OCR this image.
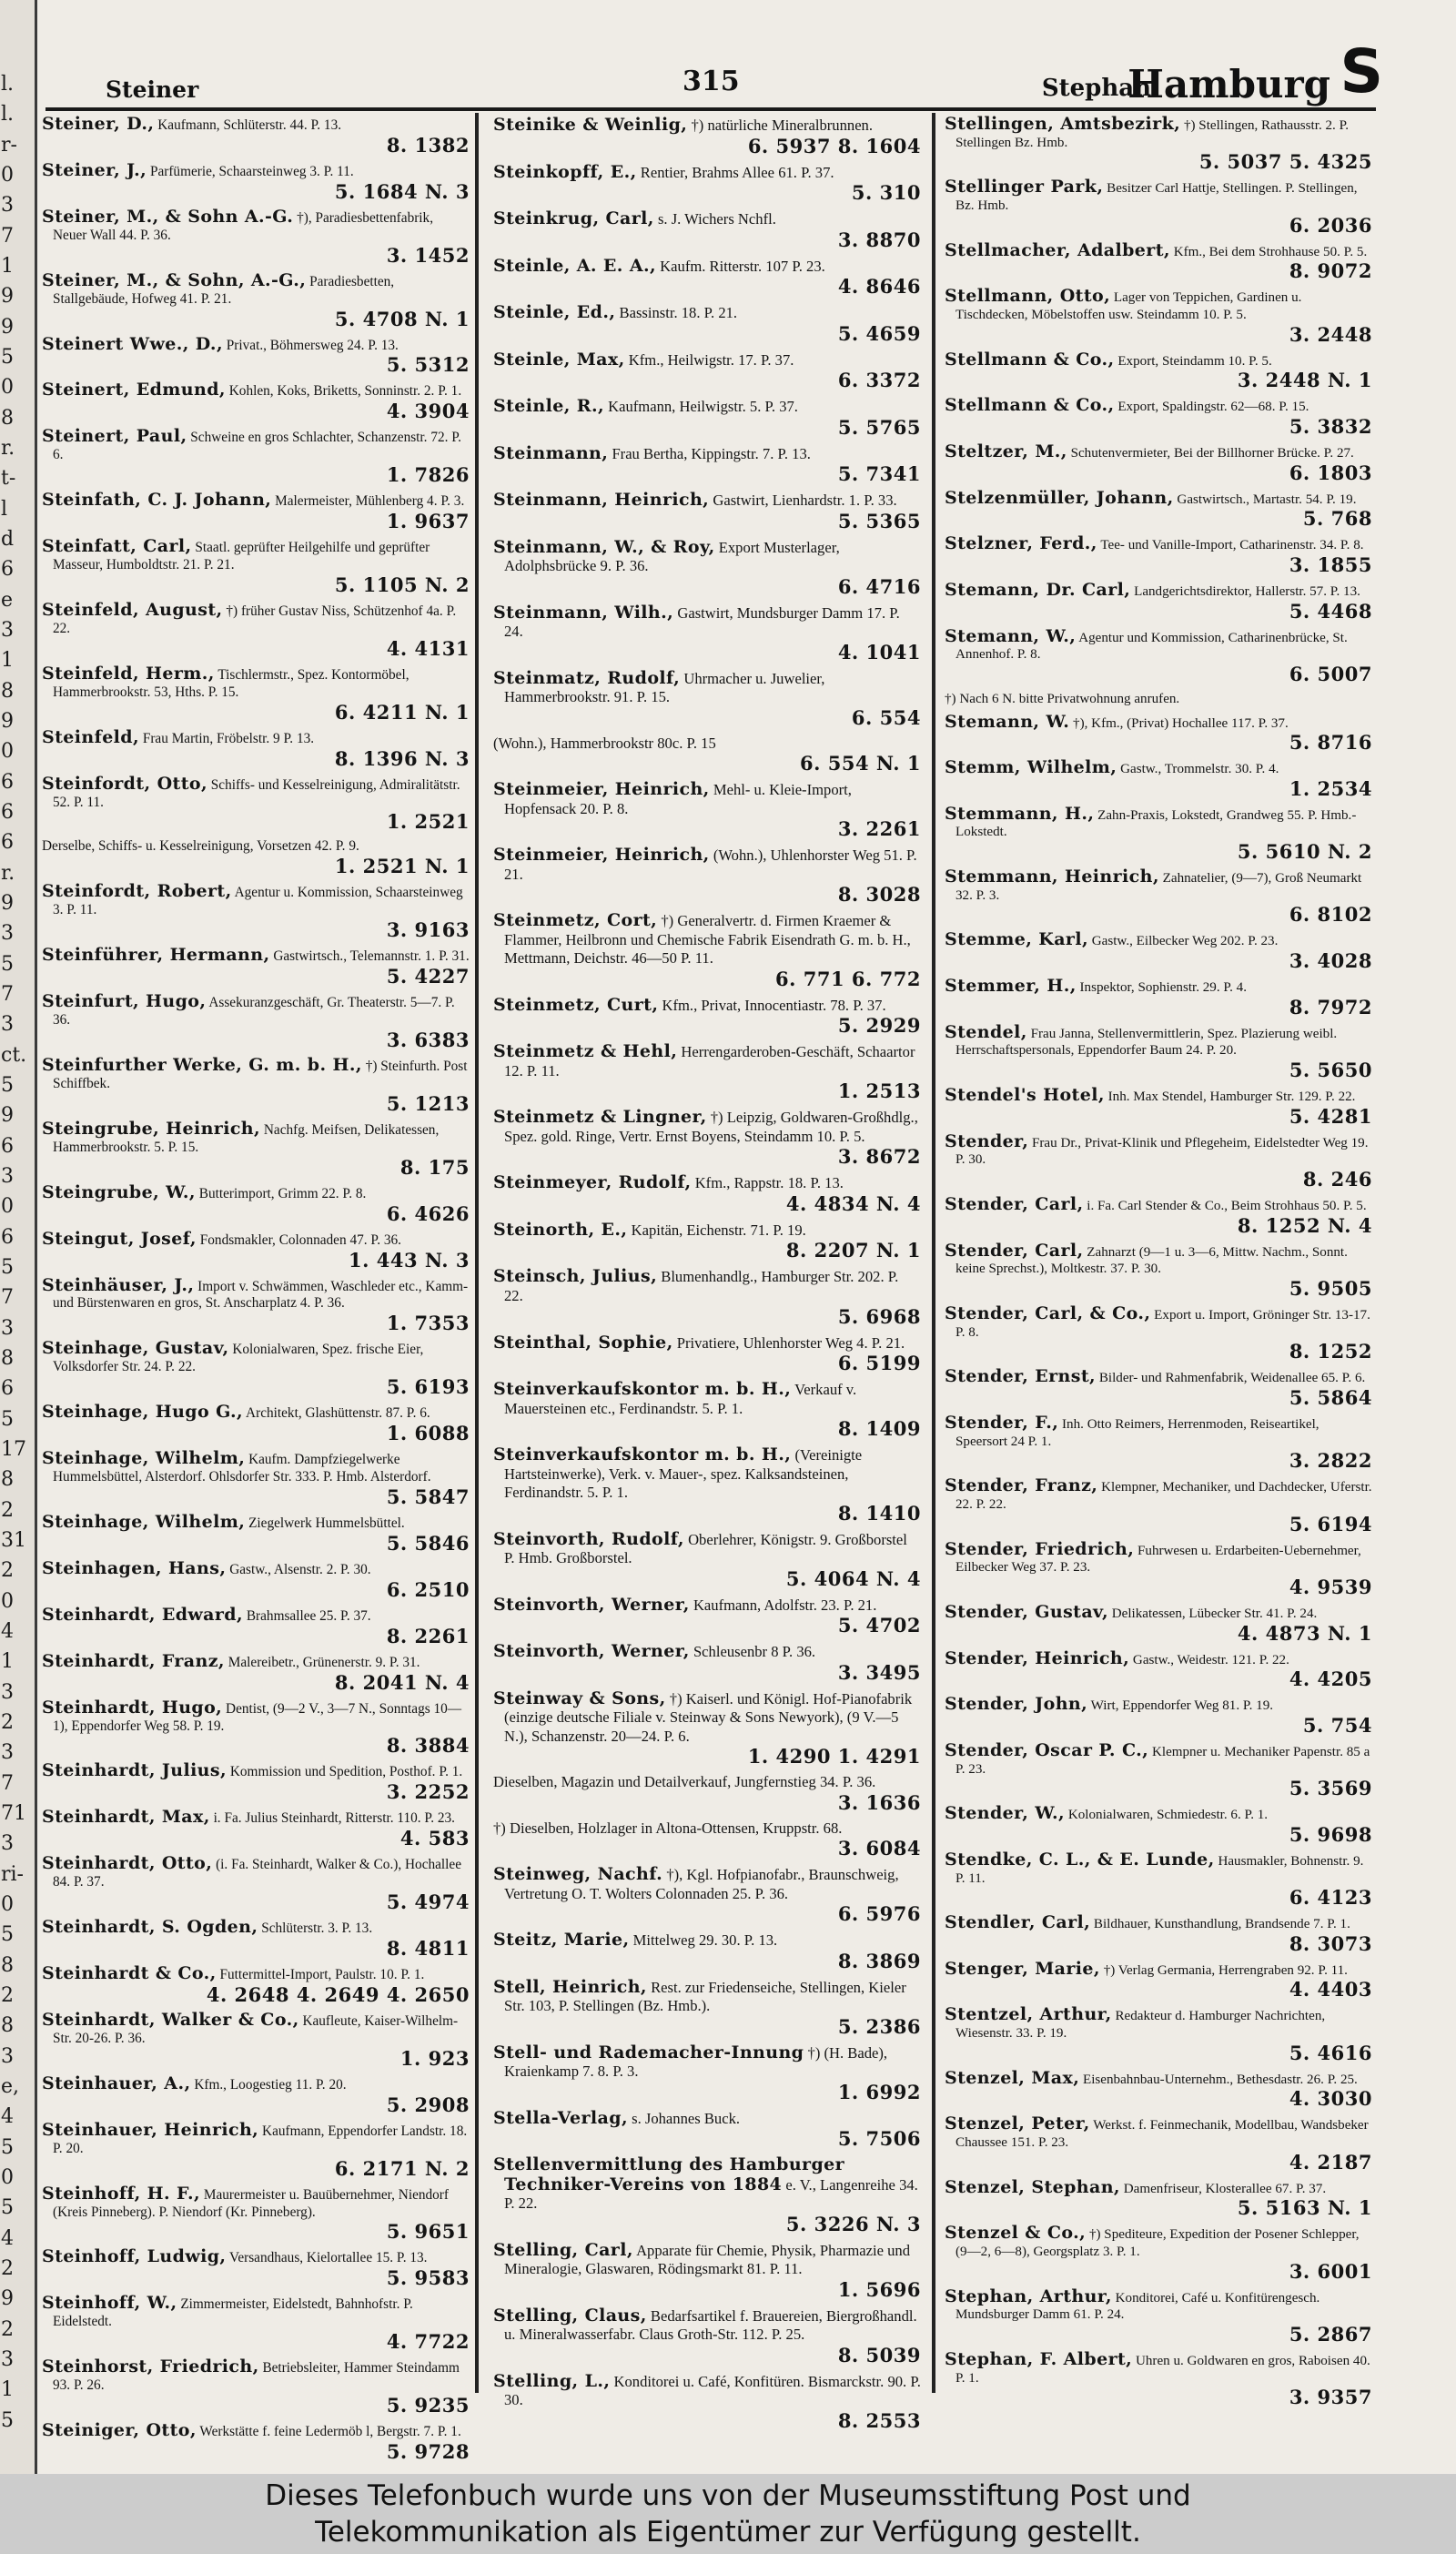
l.
l.
r-
0
3
7
1
9
9
5
0
8
r.
t-
l
d
6
e
3
1
8
9
0
6
6
6
r.
9
3
5
7
3
ct.
5
9
6
3
0
6
5
7
3
8
6
5
17
8
2
31
2
0
4
1
3
2
3
7
71
3
ri-
0
5
8
2
8
3
e,
4
5
0
5
4
2
9
2
3
1
5
Steiner	315	Stephan
Hamburg S
Steiner, D., Kaufmann, Schlüterstr. 44. P. 13.
8. 1382
Steiner, J., Parfümerie, Schaarsteinweg 3. P. 11.
5. 1684 N. 3
Steiner, M., & Sohn A.-G. †), Paradiesbettenfabrik, Neuer Wall 44. P. 36.
3. 1452
Steiner, M., & Sohn, A.-G., Paradiesbetten, Stallgebäude, Hofweg 41. P. 21.
5. 4708 N. 1
Steinert Wwe., D., Privat., Böhmersweg 24. P. 13.
5. 5312
Steinert, Edmund, Kohlen, Koks, Briketts, Sonninstr. 2. P. 1.
4. 3904
Steinert, Paul, Schweine en gros Schlachter, Schanzenstr. 72. P. 6.
1. 7826
Steinfath, C. J. Johann, Malermeister, Mühlenberg 4. P. 3.
1. 9637
Steinfatt, Carl, Staatl. geprüfter Heilgehilfe und geprüfter Masseur, Humboldtstr. 21. P. 21.
5. 1105 N. 2
Steinfeld, August, †) früher Gustav Niss, Schützenhof 4a. P. 22.
4. 4131
Steinfeld, Herm., Tischlermstr., Spez. Kontormöbel, Hammerbrookstr. 53, Hths. P. 15.
6. 4211 N. 1
Steinfeld, Frau Martin, Fröbelstr. 9 P. 13.
8. 1396 N. 3
Steinfordt, Otto, Schiffs- und Kesselreinigung, Admiralitätstr. 52. P. 11.
1. 2521
Derselbe, Schiffs- u. Kesselreinigung, Vorsetzen 42. P. 9.
1. 2521 N. 1
Steinfordt, Robert, Agentur u. Kommission, Schaarsteinweg 3. P. 11.
3. 9163
Steinführer, Hermann, Gastwirtsch., Telemannstr. 1. P. 31.
5. 4227
Steinfurt, Hugo, Assekuranzgeschäft, Gr. Theaterstr. 5—7. P. 36.
3. 6383
Steinfurther Werke, G. m. b. H., †) Steinfurth. Post Schiffbek.
5. 1213
Steingrube, Heinrich, Nachfg. Meifsen, Delikatessen, Hammerbrookstr. 5. P. 15.
8. 175
Steingrube, W., Butterimport, Grimm 22. P. 8.
6. 4626
Steingut, Josef, Fondsmakler, Colonnaden 47. P. 36.
1. 443 N. 3
Steinhäuser, J., Import v. Schwämmen, Waschleder etc., Kamm- und Bürstenwaren en gros, St. Anscharplatz 4. P. 36.
1. 7353
Steinhage, Gustav, Kolonialwaren, Spez. frische Eier, Volksdorfer Str. 24. P. 22.
5. 6193
Steinhage, Hugo G., Architekt, Glashüttenstr. 87. P. 6.
1. 6088
Steinhage, Wilhelm, Kaufm. Dampfziegelwerke Hummelsbüttel, Alsterdorf. Ohlsdorfer Str. 333. P. Hmb. Alsterdorf.
5. 5847
Steinhage, Wilhelm, Ziegelwerk Hummelsbüttel.
5. 5846
Steinhagen, Hans, Gastw., Alsenstr. 2. P. 30.
6. 2510
Steinhardt, Edward, Brahmsallee 25. P. 37.
8. 2261
Steinhardt, Franz, Malereibetr., Grünenerstr. 9. P. 31.
8. 2041 N. 4
Steinhardt, Hugo, Dentist, (9—2 V., 3—7 N., Sonntags 10—1), Eppendorfer Weg 58. P. 19.
8. 3884
Steinhardt, Julius, Kommission und Spedition, Posthof. P. 1.
3. 2252
Steinhardt, Max, i. Fa. Julius Steinhardt, Ritterstr. 110. P. 23.
4. 583
Steinhardt, Otto, (i. Fa. Steinhardt, Walker & Co.), Hochallee 84. P. 37.
5. 4974
Steinhardt, S. Ogden, Schlüterstr. 3. P. 13.
8. 4811
Steinhardt & Co., Futtermittel-Import, Paulstr. 10. P. 1.
4. 2648 4. 2649 4. 2650
Steinhardt, Walker & Co., Kaufleute, Kaiser-Wilhelm-Str. 20-26. P. 36.
1. 923
Steinhauer, A., Kfm., Loogestieg 11. P. 20.
5. 2908
Steinhauer, Heinrich, Kaufmann, Eppendorfer Landstr. 18. P. 20.
6. 2171 N. 2
Steinhoff, H. F., Maurermeister u. Bauübernehmer, Niendorf (Kreis Pinneberg). P. Niendorf (Kr. Pinneberg).
5. 9651
Steinhoff, Ludwig, Versandhaus, Kielortallee 15. P. 13.
5. 9583
Steinhoff, W., Zimmermeister, Eidelstedt, Bahnhofstr. P. Eidelstedt.
4. 7722
Steinhorst, Friedrich, Betriebsleiter, Hammer Steindamm 93. P. 26.
5. 9235
Steiniger, Otto, Werkstätte f. feine Ledermöb l, Bergstr. 7. P. 1.
5. 9728
Steinike & Weinlig, †) natürliche Mineralbrunnen.
6. 5937 8. 1604
Steinkopff, E., Rentier, Brahms Allee 61. P. 37.
5. 310
Steinkrug, Carl, s. J. Wichers Nchfl.
3. 8870
Steinle, A. E. A., Kaufm. Ritterstr. 107 P. 23.
4. 8646
Steinle, Ed., Bassinstr. 18. P. 21.
5. 4659
Steinle, Max, Kfm., Heilwigstr. 17. P. 37.
6. 3372
Steinle, R., Kaufmann, Heilwigstr. 5. P. 37.
5. 5765
Steinmann, Frau Bertha, Kippingstr. 7. P. 13.
5. 7341
Steinmann, Heinrich, Gastwirt, Lienhardstr. 1. P. 33.
5. 5365
Steinmann, W., & Roy, Export Musterlager, Adolphsbrücke 9. P. 36.
6. 4716
Steinmann, Wilh., Gastwirt, Mundsburger Damm 17. P. 24.
4. 1041
Steinmatz, Rudolf, Uhrmacher u. Juwelier, Hammerbrookstr. 91. P. 15.
6. 554
(Wohn.), Hammerbrookstr 80c. P. 15
6. 554 N. 1
Steinmeier, Heinrich, Mehl- u. Kleie-Import, Hopfensack 20. P. 8.
3. 2261
Steinmeier, Heinrich, (Wohn.), Uhlenhorster Weg 51. P. 21.
8. 3028
Steinmetz, Cort, †) Generalvertr. d. Firmen Kraemer & Flammer, Heilbronn und Chemische Fabrik Eisendrath G. m. b. H., Mettmann, Deichstr. 46—50 P. 11.
6. 771 6. 772
Steinmetz, Curt, Kfm., Privat, Innocentiastr. 78. P. 37.
5. 2929
Steinmetz & Hehl, Herrengarderoben-Geschäft, Schaartor 12. P. 11.
1. 2513
Steinmetz & Lingner, †) Leipzig, Goldwaren-Großhdlg., Spez. gold. Ringe, Vertr. Ernst Boyens, Steindamm 10. P. 5.
3. 8672
Steinmeyer, Rudolf, Kfm., Rappstr. 18. P. 13.
4. 4834 N. 4
Steinorth, E., Kapitän, Eichenstr. 71. P. 19.
8. 2207 N. 1
Steinsch, Julius, Blumenhandlg., Hamburger Str. 202. P. 22.
5. 6968
Steinthal, Sophie, Privatiere, Uhlenhorster Weg 4. P. 21.
6. 5199
Steinverkaufskontor m. b. H., Verkauf v. Mauersteinen etc., Ferdinandstr. 5. P. 1.
8. 1409
Steinverkaufskontor m. b. H., (Vereinigte Hartsteinwerke), Verk. v. Mauer-, spez. Kalksandsteinen, Ferdinandstr. 5. P. 1.
8. 1410
Steinvorth, Rudolf, Oberlehrer, Königstr. 9. Großborstel P. Hmb. Großborstel.
5. 4064 N. 4
Steinvorth, Werner, Kaufmann, Adolfstr. 23. P. 21.
5. 4702
Steinvorth, Werner, Schleusenbr 8 P. 36.
3. 3495
Steinway & Sons, †) Kaiserl. und Königl. Hof-Pianofabrik (einzige deutsche Filiale v. Steinway & Sons Newyork), (9 V.—5 N.), Schanzenstr. 20—24. P. 6.
1. 4290 1. 4291
Dieselben, Magazin und Detailverkauf, Jungfernstieg 34. P. 36.
3. 1636
†) Dieselben, Holzlager in Altona-Ottensen, Kruppstr. 68.
3. 6084
Steinweg, Nachf. †), Kgl. Hofpianofabr., Braunschweig, Vertretung O. T. Wolters Colonnaden 25. P. 36.
6. 5976
Steitz, Marie, Mittelweg 29. 30. P. 13.
8. 3869
Stell, Heinrich, Rest. zur Friedenseiche, Stellingen, Kieler Str. 103, P. Stellingen (Bz. Hmb.).
5. 2386
Stell- und Rademacher-Innung †) (H. Bade), Kraienkamp 7. 8. P. 3.
1. 6992
Stella-Verlag, s. Johannes Buck.
5. 7506
Stellenvermittlung des Hamburger Techniker-Vereins von 1884 e. V., Langenreihe 34. P. 22.
5. 3226 N. 3
Stelling, Carl, Apparate für Chemie, Physik, Pharmazie und Mineralogie, Glaswaren, Rödingsmarkt 81. P. 11.
1. 5696
Stelling, Claus, Bedarfsartikel f. Brauereien, Biergroßhandl. u. Mineralwasserfabr. Claus Groth-Str. 112. P. 25.
8. 5039
Stelling, L., Konditorei u. Café, Konfitüren. Bismarckstr. 90. P. 30.
8. 2553
Stellingen, Amtsbezirk, †) Stellingen, Rathausstr. 2. P. Stellingen Bz. Hmb.
5. 5037 5. 4325
Stellinger Park, Besitzer Carl Hattje, Stellingen. P. Stellingen, Bz. Hmb.
6. 2036
Stellmacher, Adalbert, Kfm., Bei dem Strohhause 50. P. 5.
8. 9072
Stellmann, Otto, Lager von Teppichen, Gardinen u. Tischdecken, Möbelstoffen usw. Steindamm 10. P. 5.
3. 2448
Stellmann & Co., Export, Steindamm 10. P. 5.
3. 2448 N. 1
Stellmann & Co., Export, Spaldingstr. 62—68. P. 15.
5. 3832
Steltzer, M., Schutenvermieter, Bei der Billhorner Brücke. P. 27.
6. 1803
Stelzenmüller, Johann, Gastwirtsch., Martastr. 54. P. 19.
5. 768
Stelzner, Ferd., Tee- und Vanille-Import, Catharinenstr. 34. P. 8.
3. 1855
Stemann, Dr. Carl, Landgerichtsdirektor, Hallerstr. 57. P. 13.
5. 4468
Stemann, W., Agentur und Kommission, Catharinenbrücke, St. Annenhof. P. 8.
6. 5007
†) Nach 6 N. bitte Privatwohnung anrufen.
Stemann, W. †), Kfm., (Privat) Hochallee 117. P. 37.
5. 8716
Stemm, Wilhelm, Gastw., Trommelstr. 30. P. 4.
1. 2534
Stemmann, H., Zahn-Praxis, Lokstedt, Grandweg 55. P. Hmb.-Lokstedt.
5. 5610 N. 2
Stemmann, Heinrich, Zahnatelier, (9—7), Groß Neumarkt 32. P. 3.
6. 8102
Stemme, Karl, Gastw., Eilbecker Weg 202. P. 23.
3. 4028
Stemmer, H., Inspektor, Sophienstr. 29. P. 4.
8. 7972
Stendel, Frau Janna, Stellenvermittlerin, Spez. Plazierung weibl. Herrschaftspersonals, Eppendorfer Baum 24. P. 20.
5. 5650
Stendel's Hotel, Inh. Max Stendel, Hamburger Str. 129. P. 22.
5. 4281
Stender, Frau Dr., Privat-Klinik und Pflegeheim, Eidelstedter Weg 19. P. 30.
8. 246
Stender, Carl, i. Fa. Carl Stender & Co., Beim Strohhaus 50. P. 5.
8. 1252 N. 4
Stender, Carl, Zahnarzt (9—1 u. 3—6, Mittw. Nachm., Sonnt. keine Sprechst.), Moltkestr. 37. P. 30.
5. 9505
Stender, Carl, & Co., Export u. Import, Gröninger Str. 13-17. P. 8.
8. 1252
Stender, Ernst, Bilder- und Rahmenfabrik, Weidenallee 65. P. 6.
5. 5864
Stender, F., Inh. Otto Reimers, Herrenmoden, Reiseartikel, Speersort 24 P. 1.
3. 2822
Stender, Franz, Klempner, Mechaniker, und Dachdecker, Uferstr. 22. P. 22.
5. 6194
Stender, Friedrich, Fuhrwesen u. Erdarbeiten-Uebernehmer, Eilbecker Weg 37. P. 23.
4. 9539
Stender, Gustav, Delikatessen, Lübecker Str. 41. P. 24.
4. 4873 N. 1
Stender, Heinrich, Gastw., Weidestr. 121. P. 22.
4. 4205
Stender, John, Wirt, Eppendorfer Weg 81. P. 19.
5. 754
Stender, Oscar P. C., Klempner u. Mechaniker Papenstr. 85 a P. 23.
5. 3569
Stender, W., Kolonialwaren, Schmiedestr. 6. P. 1.
5. 9698
Stendke, C. L., & E. Lunde, Hausmakler, Bohnenstr. 9. P. 11.
6. 4123
Stendler, Carl, Bildhauer, Kunsthandlung, Brandsende 7. P. 1.
8. 3073
Stenger, Marie, †) Verlag Germania, Herrengraben 92. P. 11.
4. 4403
Stentzel, Arthur, Redakteur d. Hamburger Nachrichten, Wiesenstr. 33. P. 19.
5. 4616
Stenzel, Max, Eisenbahnbau-Unternehm., Bethesdastr. 26. P. 25.
4. 3030
Stenzel, Peter, Werkst. f. Feinmechanik, Modellbau, Wandsbeker Chaussee 151. P. 23.
4. 2187
Stenzel, Stephan, Damenfriseur, Klosterallee 67. P. 37.
5. 5163 N. 1
Stenzel & Co., †) Spediteure, Expedition der Posener Schlepper, (9—2, 6—8), Georgsplatz 3. P. 1.
3. 6001
Stephan, Arthur, Konditorei, Café u. Konfitürengesch. Mundsburger Damm 61. P. 24.
5. 2867
Stephan, F. Albert, Uhren u. Goldwaren en gros, Raboisen 40. P. 1.
3. 9357
Dieses Telefonbuch wurde uns von der Museumsstiftung Post und
Telekommunikation als Eigentümer zur Verfügung gestellt.
